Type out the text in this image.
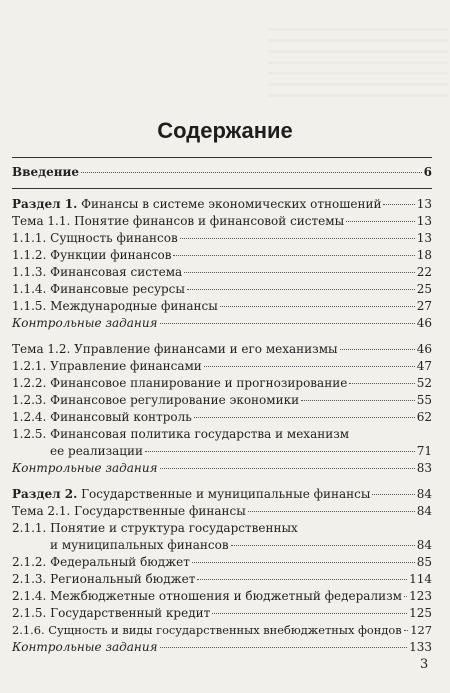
Содержание
Введение	6
Раздел 1. Финансы в системе экономических отношений	13
Тема 1.1. Понятие финансов и финансовой системы	13
1.1.1. Сущность финансов	13
1.1.2. Функции финансов	18
1.1.3. Финансовая система	22
1.1.4. Финансовые ресурсы	25
1.1.5. Международные финансы	27
Контрольные задания	46
Тема 1.2. Управление финансами и его механизмы	46
1.2.1. Управление финансами	47
1.2.2. Финансовое планирование и прогнозирование	52
1.2.3. Финансовое регулирование экономики	55
1.2.4. Финансовый контроль	62
1.2.5. Финансовая политика государства и механизм
ее реализации	71
Контрольные задания	83
Раздел 2. Государственные и муниципальные финансы	84
Тема 2.1. Государственные финансы	84
2.1.1. Понятие и структура государственных
и муниципальных финансов	84
2.1.2. Федеральный бюджет	85
2.1.3. Региональный бюджет	114
2.1.4. Межбюджетные отношения и бюджетный федерализм 123
2.1.5. Государственный кредит	125
2.1.6. Сущность и виды государственных внебюджетных фондов 127
Контрольные задания	133
3
